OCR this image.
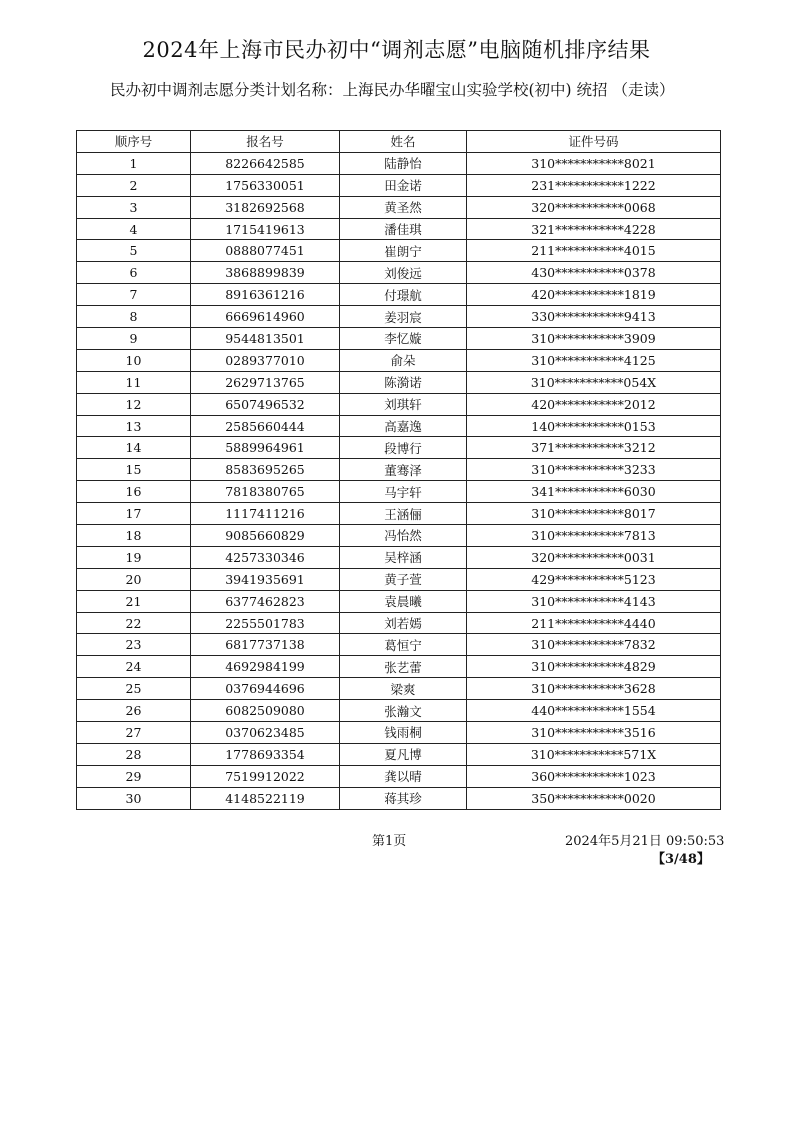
2024年上海市民办初中“调剂志愿”电脑随机排序结果
民办初中调剂志愿分类计划名称：上海民办华曜宝山实验学校(初中) 统招 （走读）
顺序号	报名号	姓名	证件号码
1	8226642585	陆静怡	310***********8021
2	1756330051	田金诺	231***********1222
3	3182692568	黄圣然	320***********0068
4	1715419613	潘佳琪	321***********4228
5	0888077451	崔朗宁	211***********4015
6	3868899839	刘俊远	430***********0378
7	8916361216	付璟航	420***********1819
8	6669614960	姜羽宸	330***********9413
9	9544813501	李忆嫙	310***********3909
10	0289377010	俞朵	310***********4125
11	2629713765	陈漪诺	310***********054X
12	6507496532	刘琪轩	420***********2012
13	2585660444	高嘉逸	140***********0153
14	5889964961	段博行	371***********3212
15	8583695265	董骞泽	310***********3233
16	7818380765	马宇轩	341***********6030
17	1117411216	王涵俪	310***********8017
18	9085660829	冯怡然	310***********7813
19	4257330346	吴梓涵	320***********0031
20	3941935691	黄子萱	429***********5123
21	6377462823	袁晨曦	310***********4143
22	2255501783	刘若嫣	211***********4440
23	6817737138	葛恒宁	310***********7832
24	4692984199	张艺蕾	310***********4829
25	0376944696	梁爽	310***********3628
26	6082509080	张瀚文	440***********1554
27	0370623485	钱雨桐	310***********3516
28	1778693354	夏凡博	310***********571X
29	7519912022	龚以晴	360***********1023
30	4148522119	蒋其珍	350***********0020
第1页	2024年5月21日 09:50:53
【3/48】
